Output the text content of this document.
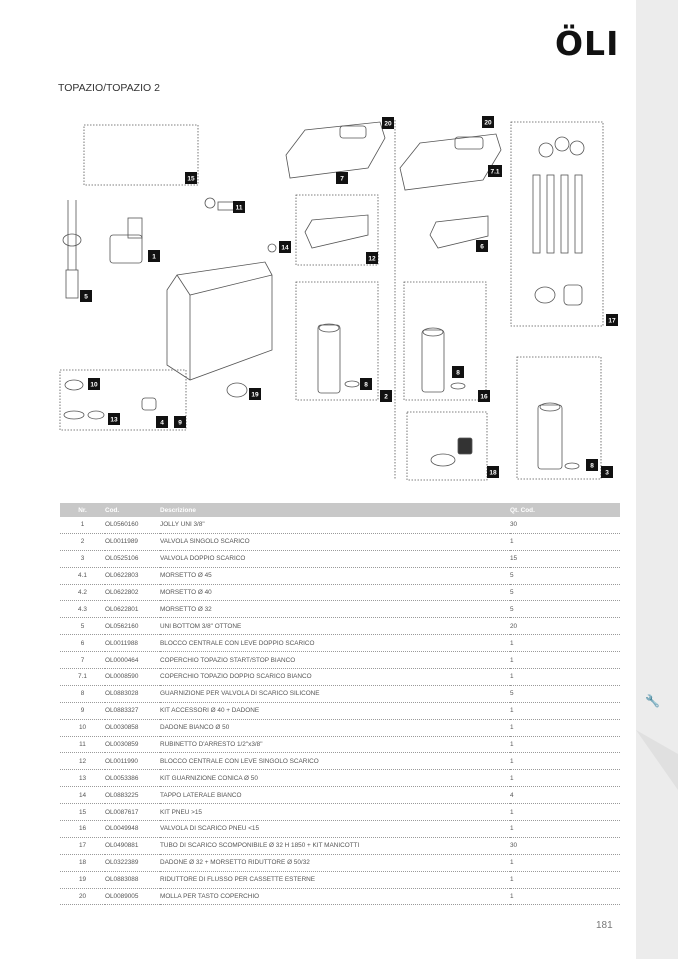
🔧
ÖLI
TOPAZIO/TOPAZIO 2
20	20
7
7.1
15
11
1
14
12
6
5
17
8
8
8
2	16
10
19
13	4 9
18	3
Nr.	Cod.	Descrizione	Qt. Cod.
1	OL0560160	JOLLY UNI 3/8"	30
2	OL0011989	VALVOLA SINGOLO SCARICO	1
3	OL0525106	VALVOLA DOPPIO SCARICO	15
4.1	OL0622803	MORSETTO Ø 45	5
4.2	OL0622802	MORSETTO Ø 40	5
4.3	OL0622801	MORSETTO Ø 32	5
5	OL0562160	UNI BOTTOM 3/8" OTTONE	20
6	OL0011988	BLOCCO CENTRALE CON LEVE DOPPIO SCARICO	1
7	OL0000464	COPERCHIO TOPAZIO START/STOP BIANCO	1
7.1	OL0008590	COPERCHIO TOPAZIO DOPPIO SCARICO BIANCO	1
8	OL0883028	GUARNIZIONE PER VALVOLA DI SCARICO SILICONE	5
9	OL0883327	KIT ACCESSORI Ø 40 + DADONE	1
10	OL0030858	DADONE BIANCO Ø 50	1
11	OL0030859	RUBINETTO D'ARRESTO 1/2"x3/8"	1
12	OL0011990	BLOCCO CENTRALE CON LEVE SINGOLO SCARICO	1
13	OL0053386	KIT GUARNIZIONE CONICA Ø 50	1
14	OL0883225	TAPPO LATERALE BIANCO	4
15	OL0087617	KIT PNEU >15	1
16	OL0049948	VALVOLA DI SCARICO PNEU <15	1
17	OL0490881	TUBO DI SCARICO SCOMPONIBILE Ø 32 H 1850 + KIT MANICOTTI	30
18	OL0322389	DADONE Ø 32 + MORSETTO RIDUTTORE Ø 50/32	1
19	OL0883088	RIDUTTORE DI FLUSSO PER CASSETTE ESTERNE	1
20	OL0089005	MOLLA PER TASTO COPERCHIO	1
181
